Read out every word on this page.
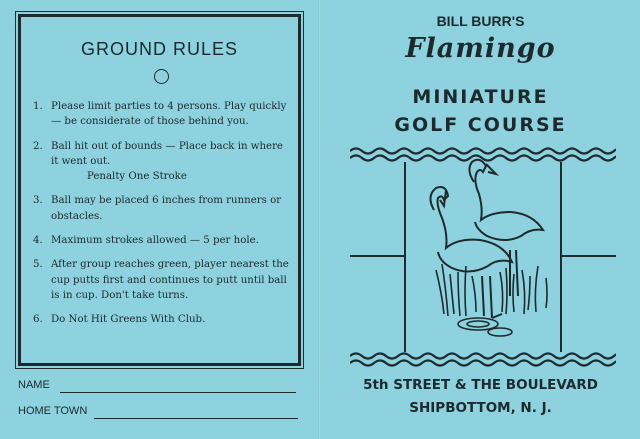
GROUND RULES
1. Please limit parties to 4 persons. Play quickly — be considerate of those behind you.
2. Ball hit out of bounds — Place back in where it went out.
Penalty One Stroke
3. Ball may be placed 6 inches from runners or obstacles.
4. Maximum strokes allowed — 5 per hole.
5. After group reaches green, player nearest the cup putts first and continues to putt until ball is in cup. Don't take turns.
6. Do Not Hit Greens With Club.
NAME
HOME TOWN
BILL BURR'S
Flamingo
MINIATURE
GOLF COURSE
5th STREET & THE BOULEVARD
SHIPBOTTOM, N. J.
